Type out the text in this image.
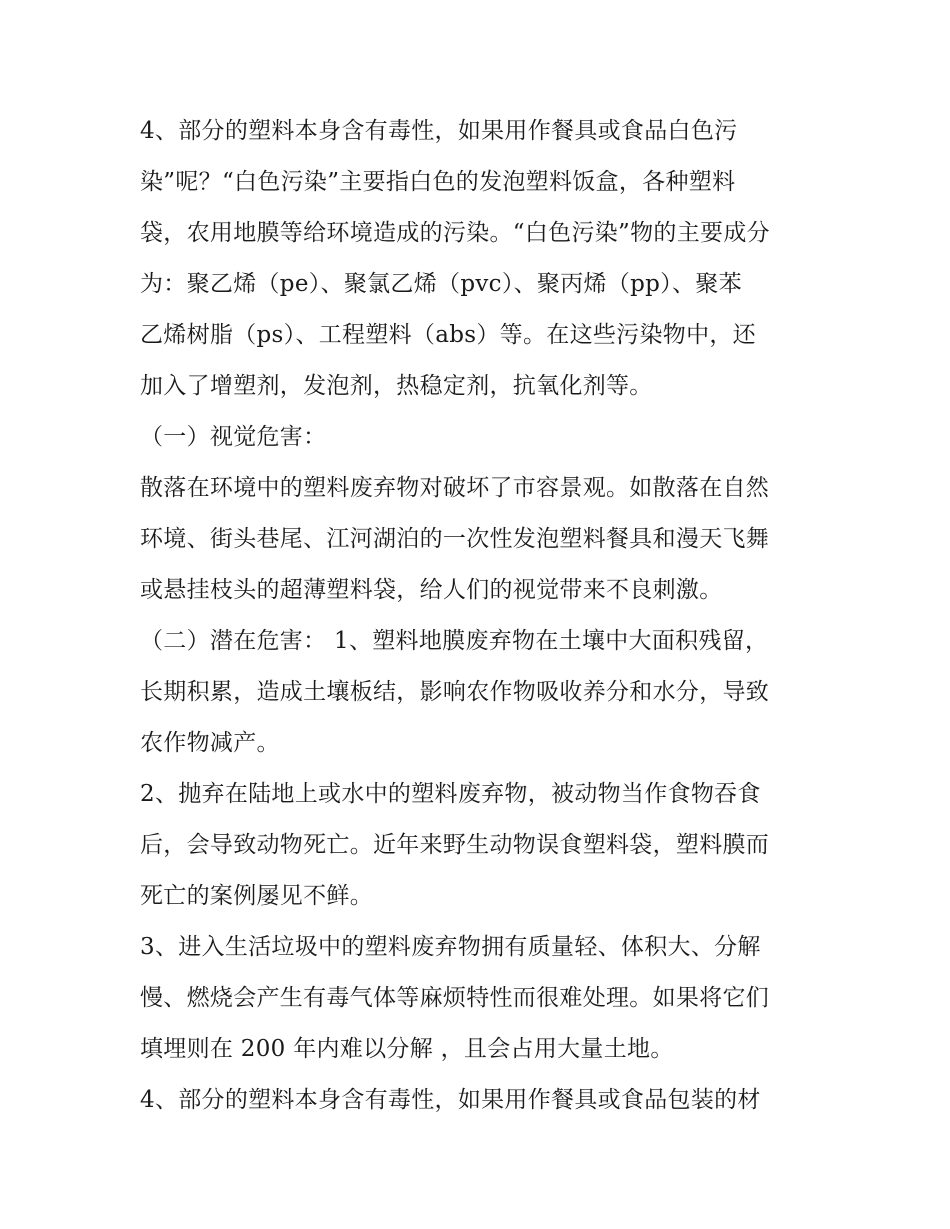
4、部分的塑料本身含有毒性，如果用作餐具或食品白色污
染”呢？“白色污染”主要指白色的发泡塑料饭盒，各种塑料
袋，农用地膜等给环境造成的污染。“白色污染”物的主要成分
为：聚乙烯（pe）、聚氯乙烯（pvc）、聚丙烯（pp）、聚苯
乙烯树脂（ps）、工程塑料（abs）等。在这些污染物中，还
加入了增塑剂，发泡剂，热稳定剂，抗氧化剂等。
（一）视觉危害：
散落在环境中的塑料废弃物对破坏了市容景观。如散落在自然
环境、街头巷尾、江河湖泊的一次性发泡塑料餐具和漫天飞舞
或悬挂枝头的超薄塑料袋，给人们的视觉带来不良刺激。
（二）潜在危害： 1、塑料地膜废弃物在土壤中大面积残留，
长期积累，造成土壤板结，影响农作物吸收养分和水分，导致
农作物减产。
2、抛弃在陆地上或水中的塑料废弃物，被动物当作食物吞食
后，会导致动物死亡。近年来野生动物误食塑料袋，塑料膜而
死亡的案例屡见不鲜。
3、进入生活垃圾中的塑料废弃物拥有质量轻、体积大、分解
慢、燃烧会产生有毒气体等麻烦特性而很难处理。如果将它们
填埋则在 200 年内难以分解 ，且会占用大量土地。
4、部分的塑料本身含有毒性，如果用作餐具或食品包装的材
